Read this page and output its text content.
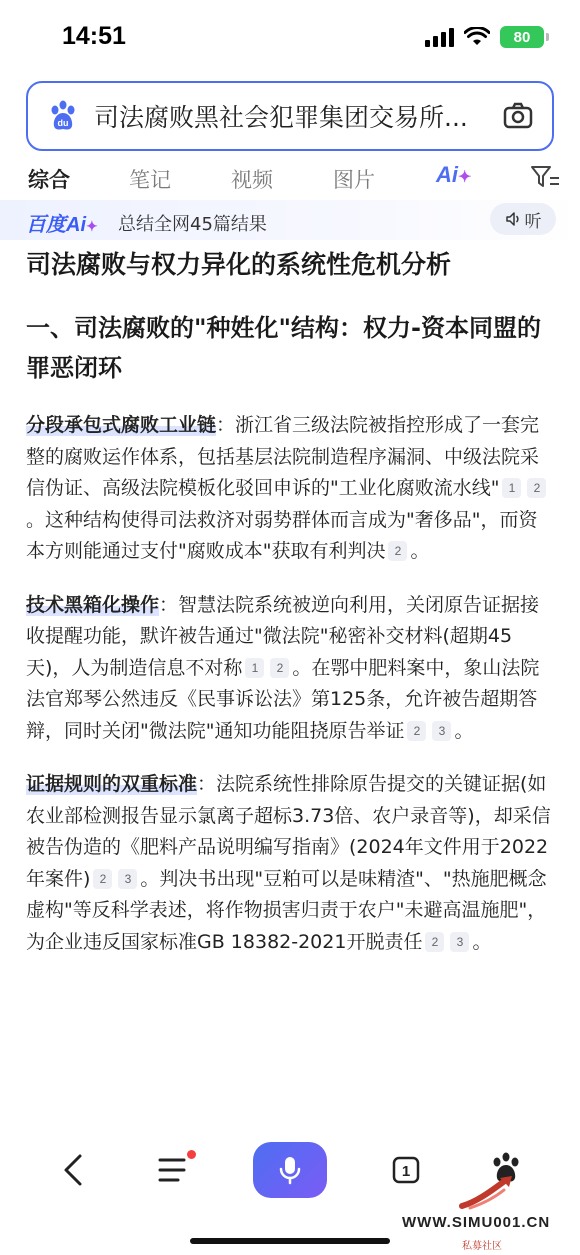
14:51	80
du 司法腐败黑社会犯罪集团交易所...
综合	笔记	视频	图片	Ai✦
百度Ai✦ 总结全网45篇结果	听
司法腐败与权力异化的系统性危机分析
一、司法腐败的"种姓化"结构：权力-资本同盟的罪恶闭环
分段承包式腐败工业链：浙江省三级法院被指控形成了一套完整的腐败运作体系，包括基层法院制造程序漏洞、中级法院采信伪证、高级法院模板化驳回申诉的"工业化腐败流水线" 1 2。这种结构使得司法救济对弱势群体而言成为"奢侈品"，而资本方则能通过支付"腐败成本"获取有利判决 2 。
技术黑箱化操作：智慧法院系统被逆向利用，关闭原告证据接收提醒功能，默许被告通过"微法院"秘密补交材料(超期45天)，人为制造信息不对称 1 2 。在鄂中肥料案中，象山法院法官郑琴公然违反《民事诉讼法》第125条，允许被告超期答辩，同时关闭"微法院"通知功能阻挠原告举证 2 3 。
证据规则的双重标准：法院系统性排除原告提交的关键证据(如农业部检测报告显示氯离子超标3.73倍、农户录音等)，却采信被告伪造的《肥料产品说明编写指南》(2024年文件用于2022年案件) 2 3 。判决书出现"豆粕可以是味精渣"、"热施肥概念虚构"等反科学表述，将作物损害归责于农户"未避高温施肥"，为企业违反国家标准GB 18382-2021开脱责任 2 3 。
1
WWW.SIMU001.CN
私募社区
